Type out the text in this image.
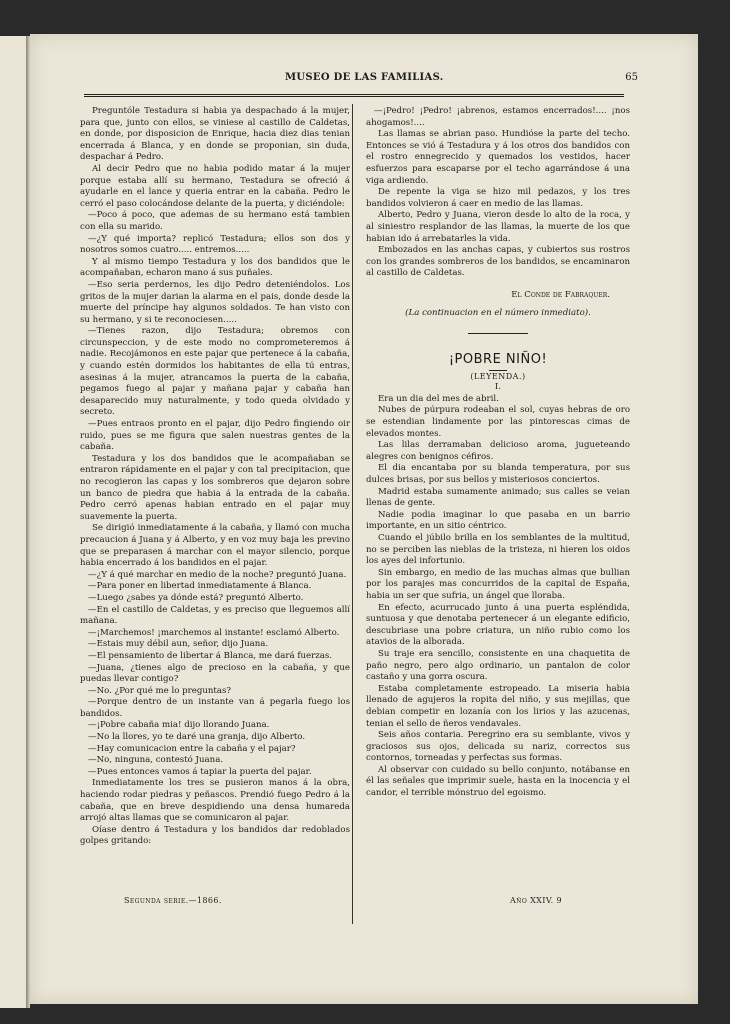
MUSEO DE LAS FAMILIAS.	65

Preguntóle Testadura si habia ya despachado á la mujer, para que, junto con ellos, se viniese al castillo de Caldetas, en donde, por disposicion de Enrique, hacia diez dias tenian encerrada á Blanca, y en donde se proponian, sin duda, despachar á Pedro.

Al decir Pedro que no habia podido matar á la mujer porque estaba allí su hermano, Testadura se ofreció á ayudarle en el lance y queria entrar en la cabaña. Pedro le cerró el paso colocándose delante de la puerta, y diciéndole:

—Poco á poco, que ademas de su hermano está tambien con ella su marido.

—¿Y qué importa? replicó Testadura; ellos son dos y nosotros somos cuatro..... entremos.....

Y al mismo tiempo Testadura y los dos bandidos que le acompañaban, echaron mano á sus puñales.

—Eso seria perdernos, les dijo Pedro deteniéndolos. Los gritos de la mujer darian la alarma en el pais, donde desde la muerte del príncipe hay algunos soldados. Te han visto con su hermano, y si te reconociesen.....

—Tienes razon, dijo Testadura; obremos con circunspeccion, y de este modo no comprometeremos á nadie. Recojámonos en este pajar que pertenece á la cabaña, y cuando estén dormidos los habitantes de ella tú entras, asesinas á la mujer, atrancamos la puerta de la cabaña, pegamos fuego al pajar y mañana pajar y cabaña han desaparecido muy naturalmente, y todo queda olvidado y secreto.

—Pues entraos pronto en el pajar, dijo Pedro fingiendo oir ruido, pues se me figura que salen nuestras gentes de la cabaña.

Testadura y los dos bandidos que le acompañaban se entraron rápidamente en el pajar y con tal precipitacion, que no recogieron las capas y los sombreros que dejaron sobre un banco de piedra que habia á la entrada de la cabaña. Pedro cerró apenas habian entrado en el pajar muy suavemente la puerta.

Se dirigió inmediatamente á la cabaña, y llamó con mucha precaucion á Juana y á Alberto, y en voz muy baja les previno que se preparasen á marchar con el mayor silencio, porque habia encerrado á los bandidos en el pajar.

—¿Y á qué marchar en medio de la noche? preguntó Juana.

—Para poner en libertad inmediatamente á Blanca.

—Luego ¿sabes ya dónde está? preguntó Alberto.

—En el castillo de Caldetas, y es preciso que lleguemos allí mañana.

—¡Marchemos! ¡marchemos al instante! esclamó Alberto.

—Estais muy débil aun, señor, dijo Juana.

—El pensamiento de libertar á Blanca, me dará fuerzas.

—Juana, ¿tienes algo de precioso en la cabaña, y que puedas llevar contigo?

—No. ¿Por qué me lo preguntas?

—Porque dentro de un instante van á pegarla fuego los bandidos.

—¡Pobre cabaña mia! dijo llorando Juana.

—No la llores, yo te daré una granja, dijo Alberto.

—Hay comunicacion entre la cabaña y el pajar?

—No, ninguna, contestó Juana.

—Pues entonces vamos á tapiar la puerta del pajar.

Inmediatamente los tres se pusieron manos á la obra, haciendo rodar piedras y peñascos. Prendió fuego Pedro á la cabaña, que en breve despidiendo una densa humareda arrojó altas llamas que se comunicaron al pajar.

Oíase dentro á Testadura y los bandidos dar redoblados golpes gritando:

—¡Pedro! ¡Pedro! ¡abrenos, estamos encerrados!.... ¡nos ahogamos!....

Las llamas se abrian paso. Hundióse la parte del techo. Entonces se vió á Testadura y á los otros dos bandidos con el rostro ennegrecido y quemados los vestidos, hacer esfuerzos para escaparse por el techo agarrándose á una viga ardiendo.

De repente la viga se hizo mil pedazos, y los tres bandidos volvieron á caer en medio de las llamas.

Alberto, Pedro y Juana, vieron desde lo alto de la roca, y al siniestro resplandor de las llamas, la muerte de los que habian ido á arrebatarles la vida.

Embozados en las anchas capas, y cubiertos sus rostros con los grandes sombreros de los bandidos, se encaminaron al castillo de Caldetas.

El Conde de Fabraquer.

(La continuacion en el número inmediato).

¡POBRE NIÑO!

(LEYENDA.)

I.

Era un dia del mes de abril.

Nubes de púrpura rodeaban el sol, cuyas hebras de oro se estendian lindamente por las pintorescas cimas de elevados montes.

Las lilas derramaban delicioso aroma, jugueteando alegres con benignos céfiros.

El dia encantaba por su blanda temperatura, por sus dulces brisas, por sus bellos y misteriosos conciertos.

Madrid estaba sumamente animado; sus calles se veian llenas de gente.

Nadie podia imaginar lo que pasaba en un barrio importante, en un sitio céntrico.

Cuando el júbilo brilla en los semblantes de la multitud, no se perciben las nieblas de la tristeza, ni hieren los oidos los ayes del infortunio.

Sin embargo, en medio de las muchas almas que bullian por los parajes mas concurridos de la capital de España, habia un ser que sufria, un ángel que lloraba.

En efecto, acurrucado junto á una puerta espléndida, suntuosa y que denotaba pertenecer á un elegante edificio, descubriase una pobre criatura, un niño rubio como los atavios de la alborada.

Su traje era sencillo, consistente en una chaquetita de paño negro, pero algo ordinario, un pantalon de color castaño y una gorra oscura.

Estaba completamente estropeado. La miseria habia llenado de agujeros la ropita del niño, y sus mejillas, que debian competir en lozanía con los lirios y las azucenas, tenian el sello de ñeros vendavales.

Seis años contaria. Peregrino era su semblante, vivos y graciosos sus ojos, delicada su nariz, correctos sus contornos, torneadas y perfectas sus formas.

Al observar con cuidado su bello conjunto, notábanse en él las señales que imprimir suele, hasta en la inocencia y el candor, el terrible mónstruo del egoismo.

Segunda serie.—1866.	Año XXIV. 9
